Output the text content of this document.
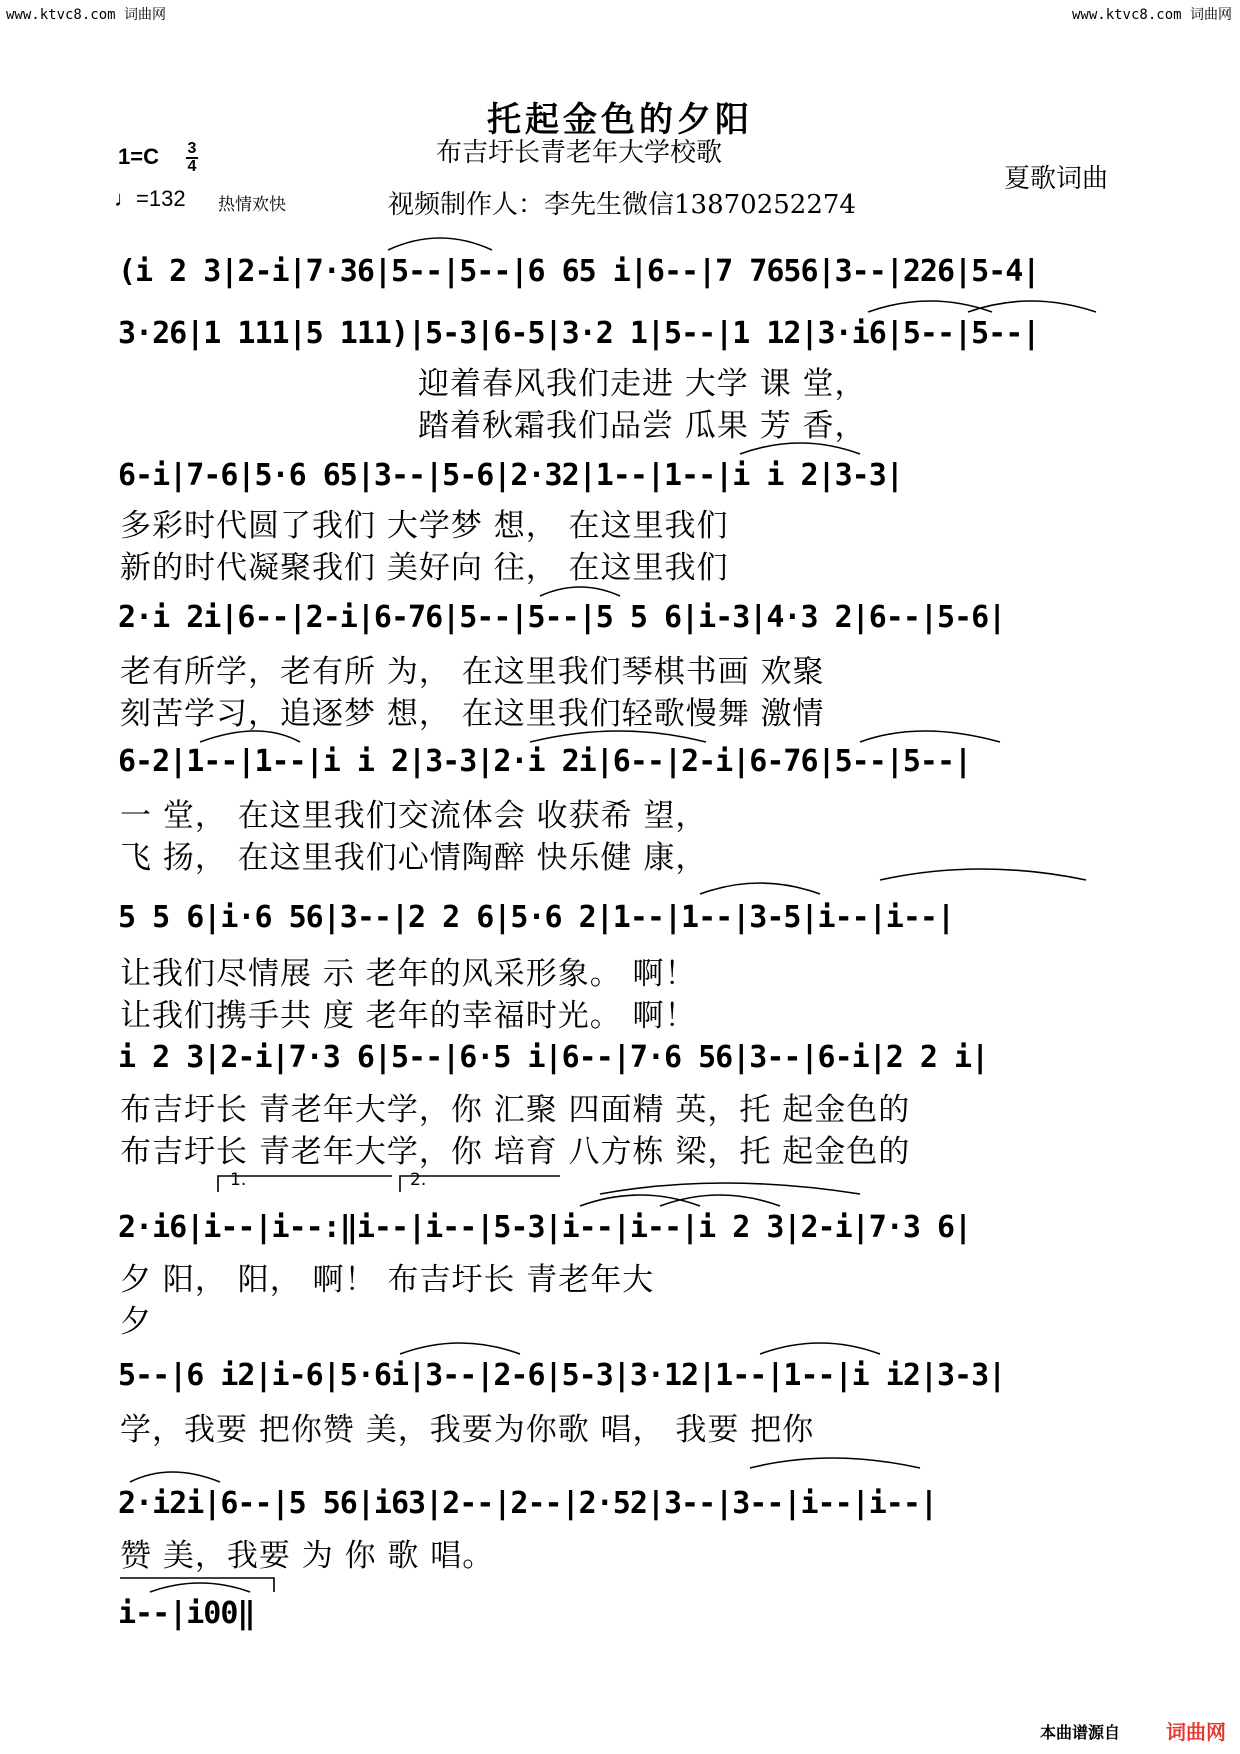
www.ktvc8.com 词曲网	www.ktvc8.com 词曲网
托起金色的夕阳
布吉圩长青老年大学校歌
视频制作人：李先生微信13870252274
夏歌词曲
1=C 3
4
♩=132 热情欢快
(i 2 3|2-i|7·36|5--|5--|6 65 i|6--|7 7656|3--|226|5-4|
3·26|1 111|5 111)|5-3|6-5|3·2 1|5--|1 12|3·i6|5--|5--|
迎着春风我们走进 大学 课 堂，
踏着秋霜我们品尝 瓜果 芳 香，
6-i|7-6|5·6 65|3--|5-6|2·32|1--|1--|i i 2|3-3|
多彩时代圆了我们 大学梦 想， 在这里我们
新的时代凝聚我们 美好向 往， 在这里我们
2·i 2i|6--|2-i|6-76|5--|5--|5 5 6|i-3|4·3 2|6--|5-6|
老有所学，老有所 为， 在这里我们琴棋书画 欢聚
刻苦学习，追逐梦 想， 在这里我们轻歌慢舞 激情
6-2|1--|1--|i i 2|3-3|2·i 2i|6--|2-i|6-76|5--|5--|
一 堂， 在这里我们交流体会 收获希 望，
飞 扬， 在这里我们心情陶醉 快乐健 康，
5 5 6|i·6 56|3--|2 2 6|5·6 2|1--|1--|3-5|i--|i--|
让我们尽情展 示 老年的风采形象。 啊！
让我们携手共 度 老年的幸福时光。 啊！
i 2 3|2-i|7·3 6|5--|6·5 i|6--|7·6 56|3--|6-i|2 2 i|
布吉圩长 青老年大学，你 汇聚 四面精 英，托 起金色的
布吉圩长 青老年大学，你 培育 八方栋 梁，托 起金色的
1.	2.
2·i6|i--|i--:‖i--|i--|5-3|i--|i--|i 2 3|2-i|7·3 6|
夕 阳， 阳， 啊！ 布吉圩长 青老年大
夕
5--|6 i2|i-6|5·6i|3--|2-6|5-3|3·12|1--|1--|i i2|3-3|
学，我要 把你赞 美，我要为你歌 唱， 我要 把你
2·i2i|6--|5 56|i63|2--|2--|2·52|3--|3--|i--|i--|
赞 美，我要 为 你 歌 唱。
i--|i00‖
本曲谱源自 词曲网
